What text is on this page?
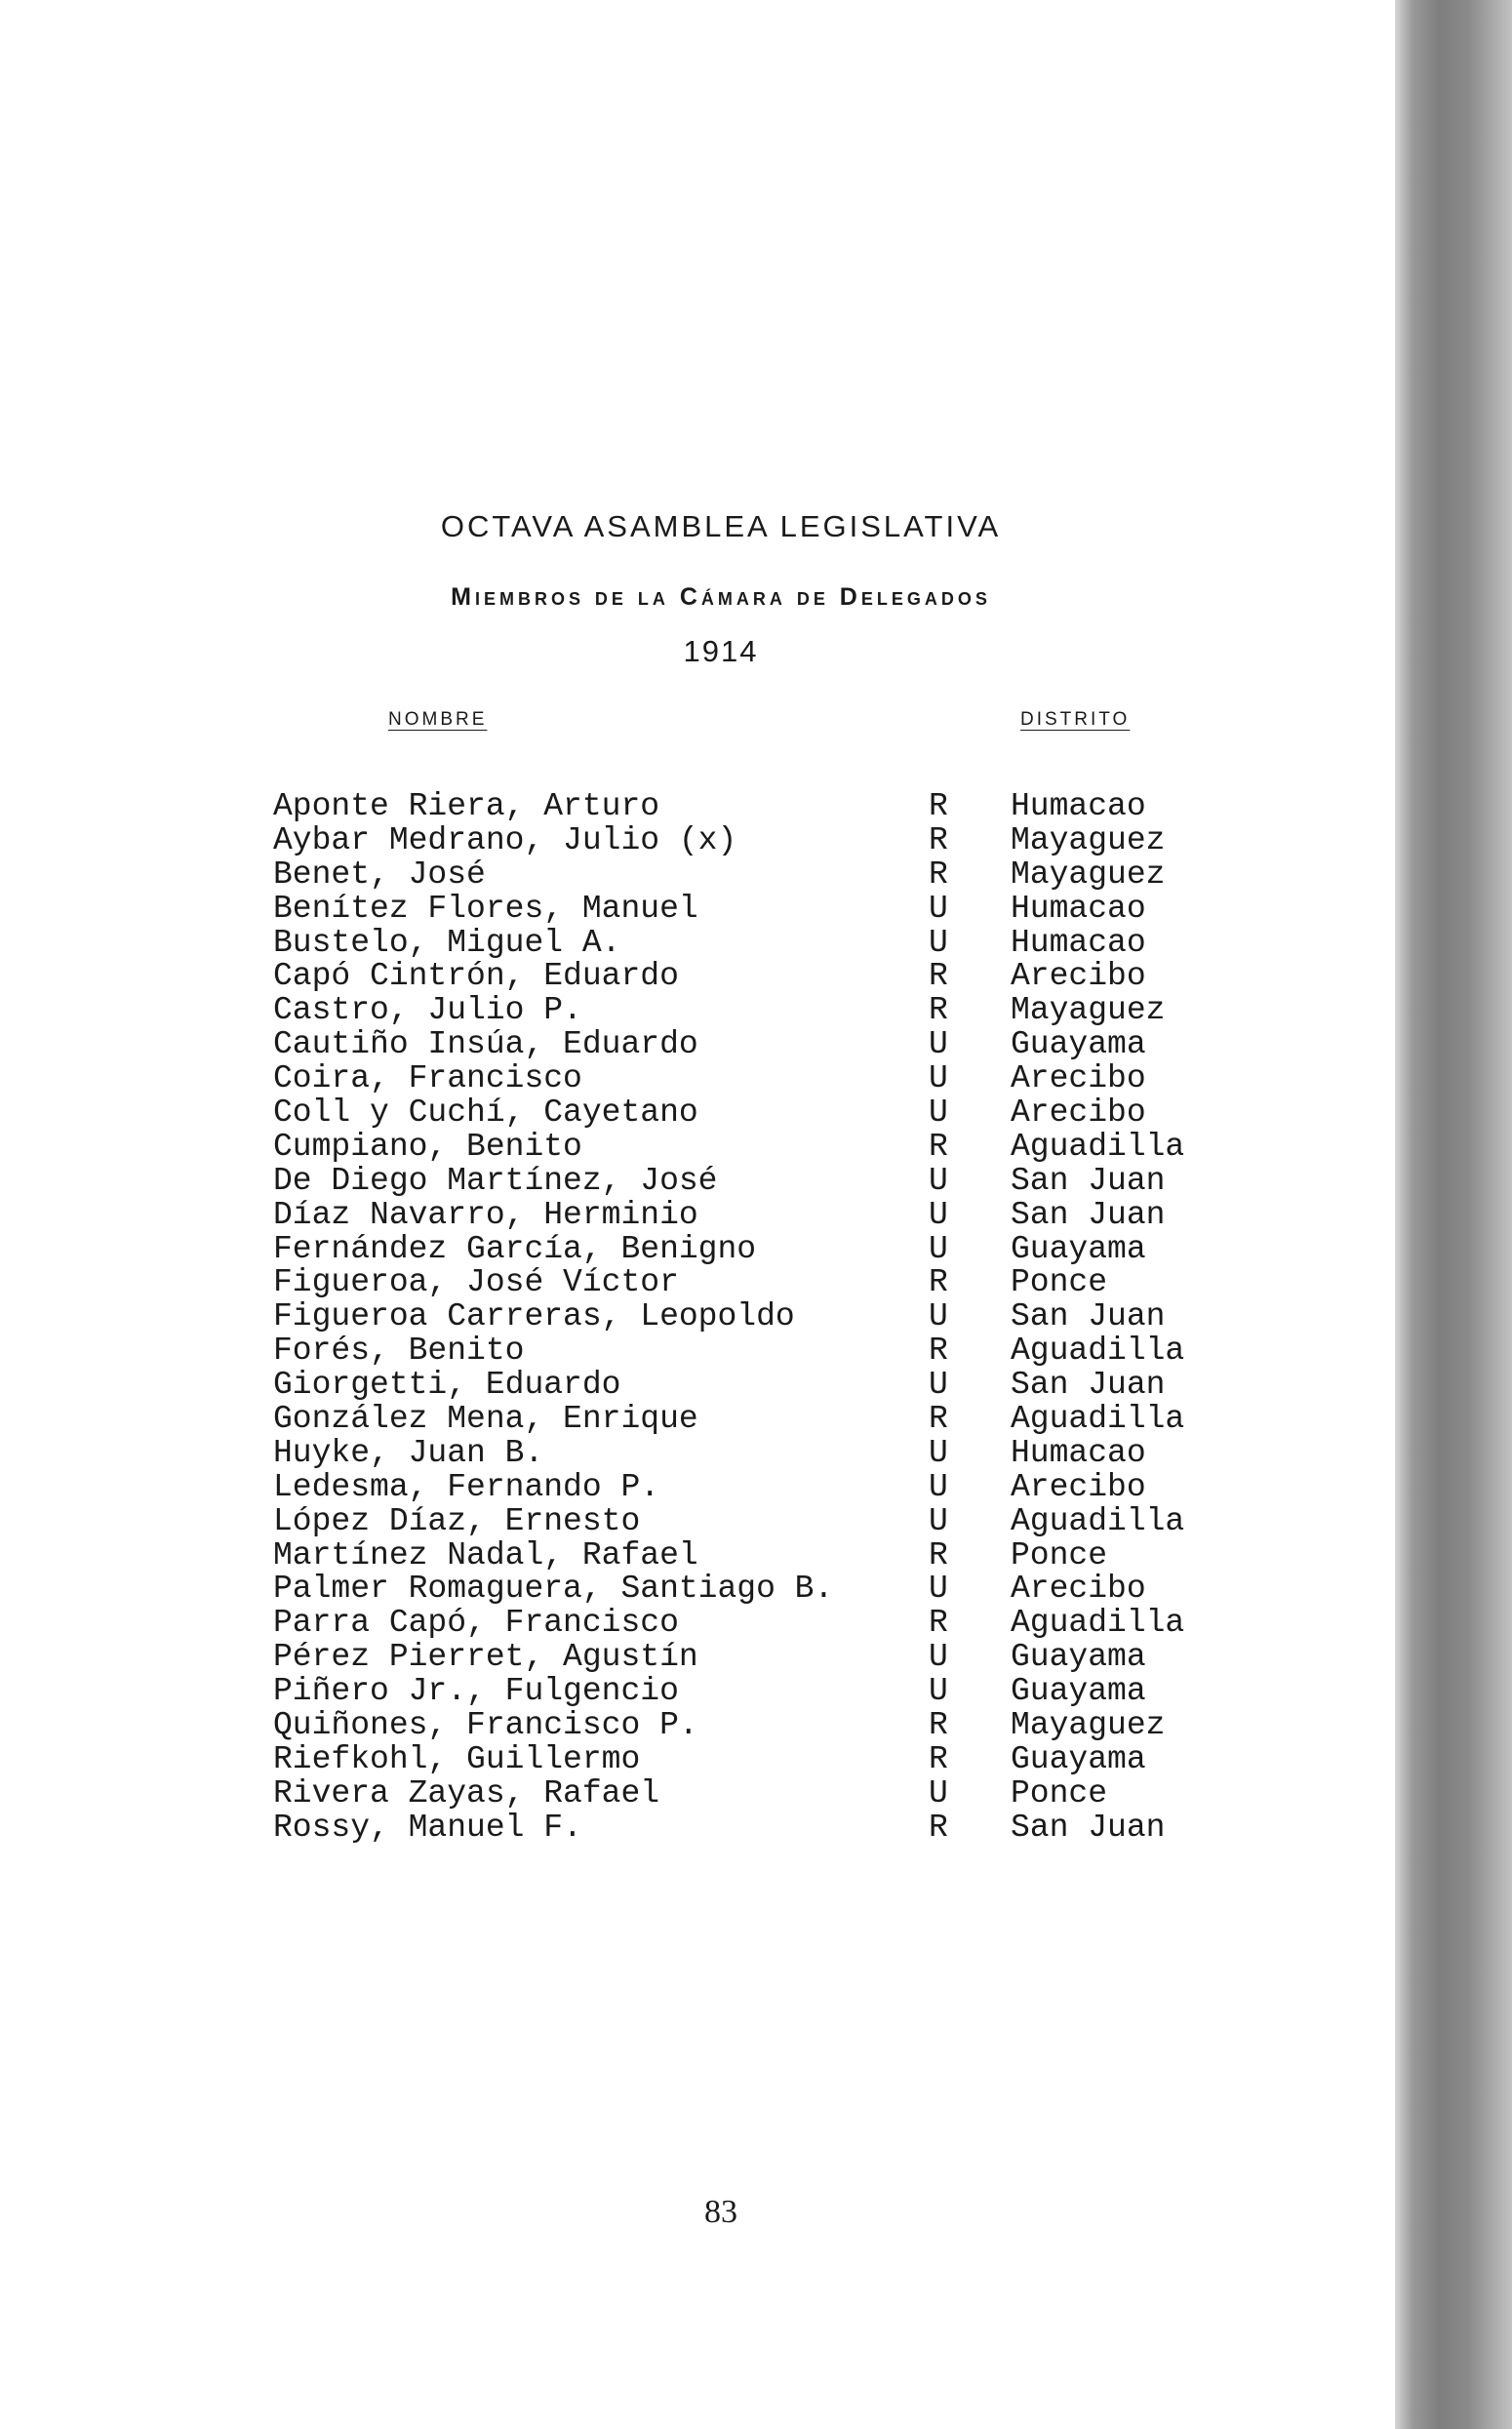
OCTAVA ASAMBLEA LEGISLATIVA
Miembros de la Cámara de Delegados
1914
NOMBRE	DISTRITO
Aponte Riera, Arturo	R Humacao
Aybar Medrano, Julio (x)	R Mayaguez
Benet, José	R Mayaguez
Benítez Flores, Manuel	U Humacao
Bustelo, Miguel A.	U Humacao
Capó Cintrón, Eduardo	R Arecibo
Castro, Julio P.	R Mayaguez
Cautiño Insúa, Eduardo	U Guayama
Coira, Francisco	U Arecibo
Coll y Cuchí, Cayetano	U Arecibo
Cumpiano, Benito	R Aguadilla
De Diego Martínez, José	U San Juan
Díaz Navarro, Herminio	U San Juan
Fernández García, Benigno	U Guayama
Figueroa, José Víctor	R Ponce
Figueroa Carreras, Leopoldo	U San Juan
Forés, Benito	R Aguadilla
Giorgetti, Eduardo	U San Juan
González Mena, Enrique	R Aguadilla
Huyke, Juan B.	U Humacao
Ledesma, Fernando P.	U Arecibo
López Díaz, Ernesto	U Aguadilla
Martínez Nadal, Rafael	R Ponce
Palmer Romaguera, Santiago B.	U Arecibo
Parra Capó, Francisco	R Aguadilla
Pérez Pierret, Agustín	U Guayama
Piñero Jr., Fulgencio	U Guayama
Quiñones, Francisco P.	R Mayaguez
Riefkohl, Guillermo	R Guayama
Rivera Zayas, Rafael	U Ponce
Rossy, Manuel F.	R San Juan
83
